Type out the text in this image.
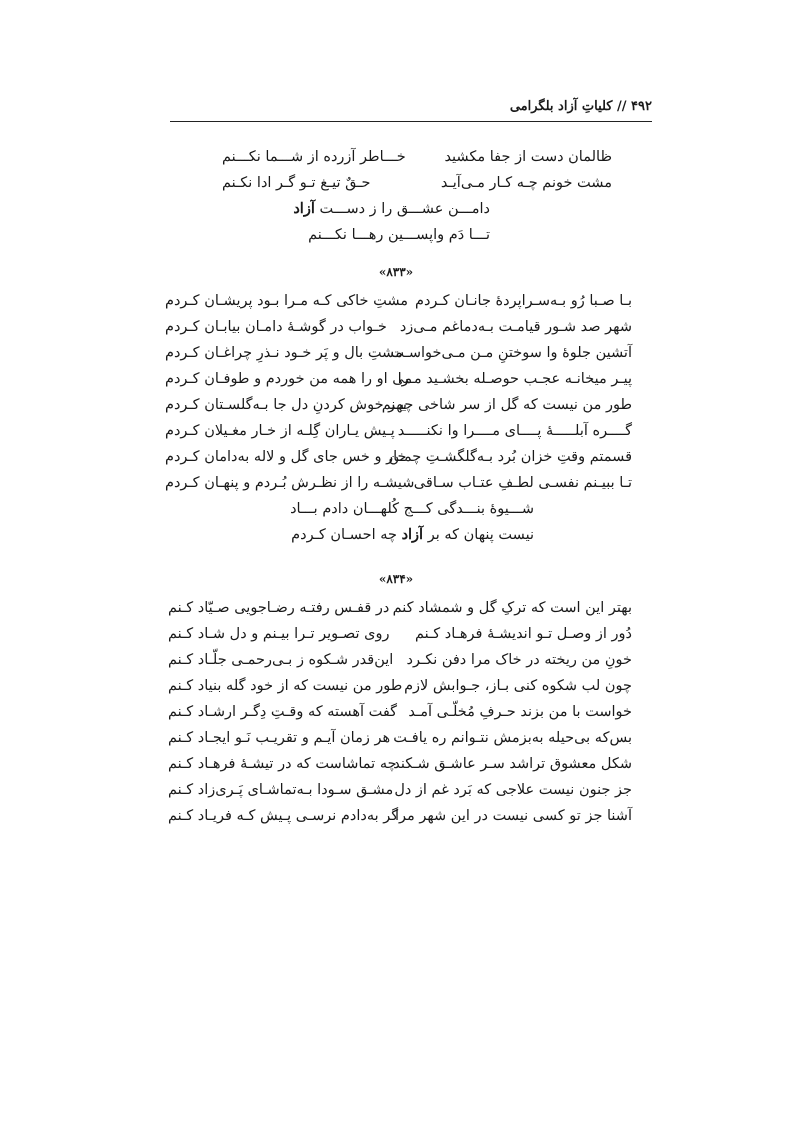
۴۹۲ // کلیاتِ آزاد بلگرامی
ظالمان دست از جفا مکشید
خـــاطر آزرده از شـــما نکـــنم
مشت خونم چـه کـار مـی‌آیـد
حـقٌ تیـغ تـو گـر ادا نکـنم
دامـــن عشـــق را ز دســـت آزاد
تـــا دَم واپســـین رهـــا نکـــنم
«۸۳۳»
بـا صـبا رُو بـه‌سـراپردهٔ جانـان کـردم
مشتِ خاکی کـه مـرا بـود پریشـان کـردم
شهر صد شـور قیامـت بـه‌دماغم مـی‌زد
خـواب در گوشـهٔ دامـان بیابـان کـردم
آتشین جلوهٔ وا سوختنِ مـن مـی‌خواسـت
مشتِ بال و پَر خـود نـذرِ چراغـان کـردم
پیـر میخانـه عجـب حوصـله بخشـید مـرا
می او را همه من خوردم و طوفـان کـردم
طور من نیست که گل از سر شاخی چیـنم
بهر خوش کردنِ دل جا بـه‌گلسـتان کـردم
گــــره آبلـــــهٔ پــــای مــــرا وا نکنـــــد
پـیش یـاران گِلـه از خـار مغـیلان کـردم
قسمتم وقتِ خزان بُرد بـه‌گلگشـتِ چمـن
خار و خس جای گل و لاله به‌دامان کـردم
تـا ببیـنم نفسـی لطـفِ عتـاب سـاقی
شیشـه را از نظـرش بُـردم و پنهـان کـردم
شـــیوهٔ بنـــدگی کـــج کُلهـــان دادم بـــاد
نیست پنهان که بر آزاد چه احسـان کـردم
«۸۳۴»
بهتر این است که ترکِ گل و شمشاد کنم
در قفـس رفتـه رضـاجویی صـیّاد کـنم
دُور از وصـل تـو اندیشـهٔ فرهـاد کـنم
روی تصـویر تـرا بیـنم و دل شـاد کـنم
خونِ من ریخته در خاک مرا دفن نکـرد
این‌قدر شـکوه ز بـی‌رحمـی جلّـاد کـنم
چون لب شکوه کنی بـاز، جـوابش لازم
طور من نیست که از خود گله بنیاد کـنم
خواست با من بزند حـرفِ مُخلّـی آمـد
گفت آهسته که وقـتِ دِگـر ارشـاد کـنم
بس‌که بی‌حیله به‌بزمش نتـوانم ره یافـت
هر زمان آیـم و تقریـب نَـو ایجـاد کـنم
شکل معشوق تراشد سـر عاشـق شـکند
چه تماشاست که در تیشـهٔ فرهـاد کـنم
جز جنون نیست علاجی که بَرد غم از دل
مشـق سـودا بـه‌تماشـای پَـری‌زاد کـنم
آشنا جز تو کسی نیست در این شهر مرا
گر به‌دادم نرسـی پـیش کـه فریـاد کـنم
